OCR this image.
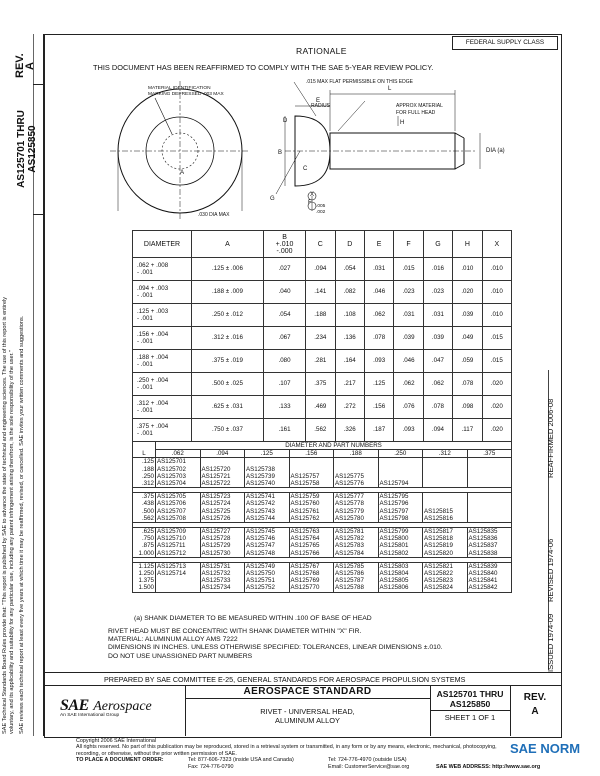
REV.
A
AS125701 THRU AS125850
SAE Technical Standards Board Rules provide that: "This report is published by SAE to advance the state of technical and engineering sciences. The use of this report is entirely voluntary, and its applicability and suitability for any particular use, including any patent infringement arising therefrom, is the sole responsibility of the user." SAE reviews each technical report at least every five years at which time it may be reaffirmed, revised, or cancelled. SAE invites your written comments and suggestions.	REAFFIRMED 2006-08
REVISED 1974-06
ISSUED 1974-09
FEDERAL SUPPLY CLASS
RATIONALE
THIS DOCUMENT HAS BEEN REAFFIRMED TO COMPLY WITH THE SAE 5-YEAR REVIEW POLICY.
MATERIAL IDENTIFICATION
MARKING DEPRESSED .003 MAX
.015 MAX FLAT PERMISSIBLE ON THIS EDGE
RADIUS	APPROX MATERIAL
FOR FULL HEAD
.030 DIA MAX
DIA (a)
.005
.002
L
E
D
B
C
H
G
X
F
A
DIAMETER	A	B
+.010
-.000	C	D	E	F	G	H	X
.062 + .008
- .001	.125 ± .006	.027	.094	.054	.031	.015	.016	.010	.010
.094 + .003
- .001	.188 ± .009	.040	.141	.082	.046	.023	.023	.020	.010
.125 + .003
- .001	.250 ± .012	.054	.188	.108	.062	.031	.031	.039	.010
.156 + .004
- .001	.312 ± .016	.067	.234	.136	.078	.039	.039	.049	.015
.188 + .004
- .001	.375 ± .019	.080	.281	.164	.093	.046	.047	.059	.015
.250 + .004
- .001	.500 ± .025	.107	.375	.217	.125	.062	.062	.078	.020
.312 + .004
- .001	.625 ± .031	.133	.469	.272	.156	.076	.078	.098	.020
.375 + .004
- .001	.750 ± .037	.161	.562	.326	.187	.093	.094	.117	.020
L	DIAMETER AND PART NUMBERS							
	.062	.094	.125	.156	.188	.250	.312	.375
.125	AS125701							
.188	AS125702	AS125720	AS125738					
.250	AS125703	AS125721	AS125739	AS125757	AS125775			
.312	AS125704	AS125722	AS125740	AS125758	AS125776	AS125794		

.375	AS125705	AS125723	AS125741	AS125759	AS125777	AS125795		
.438	AS125706	AS125724	AS125742	AS125760	AS125778	AS125796		
.500	AS125707	AS125725	AS125743	AS125761	AS125779	AS125797	AS125815	
.562	AS125708	AS125726	AS125744	AS125762	AS125780	AS125798	AS125816	

.625	AS125709	AS125727	AS125745	AS125763	AS125781	AS125799	AS125817	AS125835
.750	AS125710	AS125728	AS125746	AS125764	AS125782	AS125800	AS125818	AS125836
.875	AS125711	AS125729	AS125747	AS125765	AS125783	AS125801	AS125819	AS125837
1.000	AS125712	AS125730	AS125748	AS125766	AS125784	AS125802	AS125820	AS125838

1.125	AS125713	AS125731	AS125749	AS125767	AS125785	AS125803	AS125821	AS125839
1.250	AS125714	AS125732	AS125750	AS125768	AS125786	AS125804	AS125822	AS125840
1.375		AS125733	AS125751	AS125769	AS125787	AS125805	AS125823	AS125841
1.500		AS125734	AS125752	AS125770	AS125788	AS125806	AS125824	AS125842
(a) SHANK DIAMETER TO BE MEASURED WITHIN .100 OF BASE OF HEAD
RIVET HEAD MUST BE CONCENTRIC WITH SHANK DIAMETER WITHIN "X" FIR.
MATERIAL: ALUMINUM ALLOY AMS 7222
DIMENSIONS IN INCHES. UNLESS OTHERWISE SPECIFIED: TOLERANCES, LINEAR DIMENSIONS ±.010.
DO NOT USE UNASSIGNED PART NUMBERS
PREPARED BY SAE COMMITTEE E-25, GENERAL STANDARDS FOR AEROSPACE PROPULSION SYSTEMS
SAE Aerospace
An SAE International Group
AEROSPACE STANDARD
RIVET - UNIVERSAL HEAD,
ALUMINUM ALLOY
AS125701 THRU
AS125850
SHEET 1 OF 1
REV.
A
Copyright 2006 SAE International
All rights reserved. No part of this publication may be reproduced, stored in a retrieval system or transmitted, in any form or by any means, electronic, mechanical, photocopying,
recording, or otherwise, without the prior written permission of SAE.
TO PLACE A DOCUMENT ORDER:	Tel: 877-606-7323 (inside USA and Canada)	Tel: 724-776-4970 (outside USA)
Fax: 724-776-0790	Email: CustomerService@sae.org	SAE WEB ADDRESS: http://www.sae.org
SAE NORM
